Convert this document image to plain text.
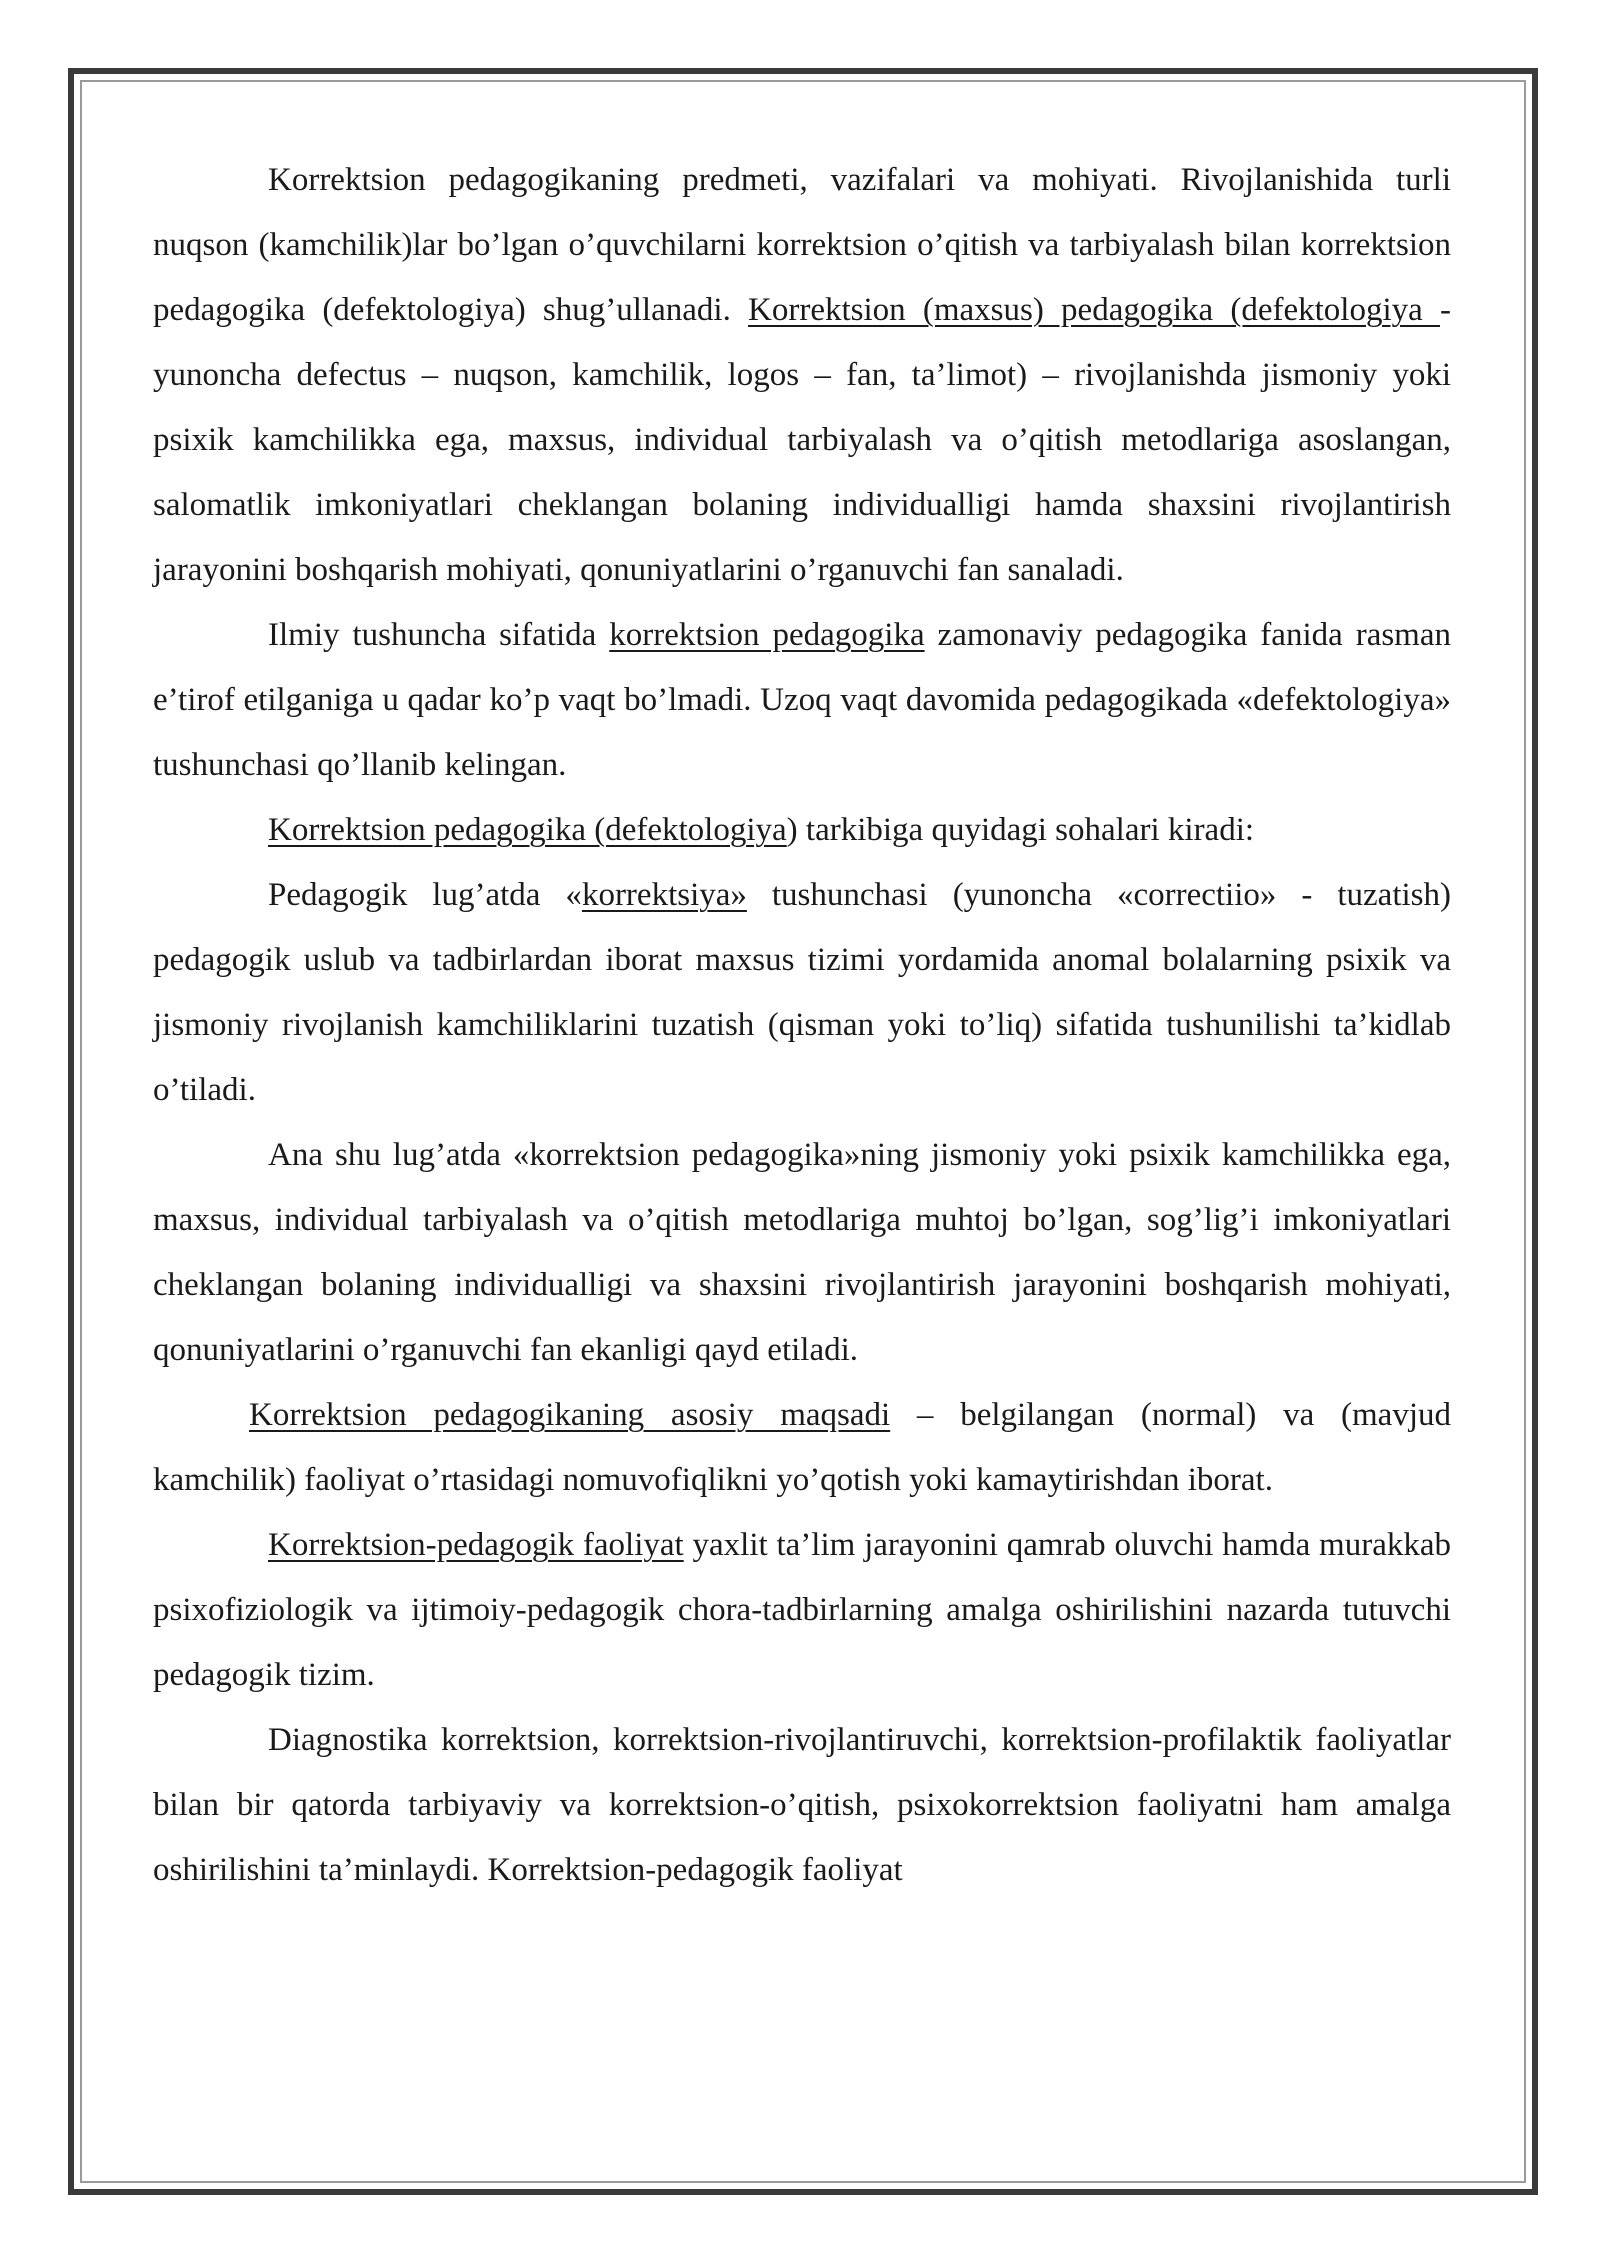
Korrektsion pedagogikaning predmeti, vazifalari va mohiyati. Rivojlanishida turli nuqson (kamchilik)lar bo’lgan o’quvchilarni korrektsion o’qitish va tarbiyalash bilan korrektsion pedagogika (defektologiya) shug’ullanadi. Korrektsion (maxsus) pedagogika (defektologiya - yunoncha defectus – nuqson, kamchilik, logos – fan, ta’limot) – rivojlanishda jismoniy yoki psixik kamchilikka ega, maxsus, individual tarbiyalash va o’qitish metodlariga asoslangan, salomatlik imkoniyatlari cheklangan bolaning individualligi hamda shaxsini rivojlantirish jarayonini boshqarish mohiyati, qonuniyatlarini o’rganuvchi fan sanaladi.

Ilmiy tushuncha sifatida korrektsion pedagogika zamonaviy pedagogika fanida rasman e’tirof etilganiga u qadar ko’p vaqt bo’lmadi. Uzoq vaqt davomida pedagogikada «defektologiya» tushunchasi qo’llanib kelingan.

Korrektsion pedagogika (defektologiya) tarkibiga quyidagi sohalari kiradi:

Pedagogik lug’atda «korrektsiya» tushunchasi (yunoncha «correctiio» - tuzatish) pedagogik uslub va tadbirlardan iborat maxsus tizimi yordamida anomal bolalarning psixik va jismoniy rivojlanish kamchiliklarini tuzatish (qisman yoki to’liq) sifatida tushunilishi ta’kidlab o’tiladi.

Ana shu lug’atda «korrektsion pedagogika»ning jismoniy yoki psixik kamchilikka ega, maxsus, individual tarbiyalash va o’qitish metodlariga muhtoj bo’lgan, sog’lig’i imkoniyatlari cheklangan bolaning individualligi va shaxsini rivojlantirish jarayonini boshqarish mohiyati, qonuniyatlarini o’rganuvchi fan ekanligi qayd etiladi.

Korrektsion pedagogikaning asosiy maqsadi – belgilangan (normal) va (mavjud kamchilik) faoliyat o’rtasidagi nomuvofiqlikni yo’qotish yoki kamaytirishdan iborat.

Korrektsion-pedagogik faoliyat yaxlit ta’lim jarayonini qamrab oluvchi hamda murakkab psixofiziologik va ijtimoiy-pedagogik chora-tadbirlarning amalga oshirilishini nazarda tutuvchi pedagogik tizim.

Diagnostika korrektsion, korrektsion-rivojlantiruvchi, korrektsion-profilaktik faoliyatlar bilan bir qatorda tarbiyaviy va korrektsion-o’qitish, psixokorrektsion faoliyatni ham amalga oshirilishini ta’minlaydi. Korrektsion-pedagogik faoliyat
